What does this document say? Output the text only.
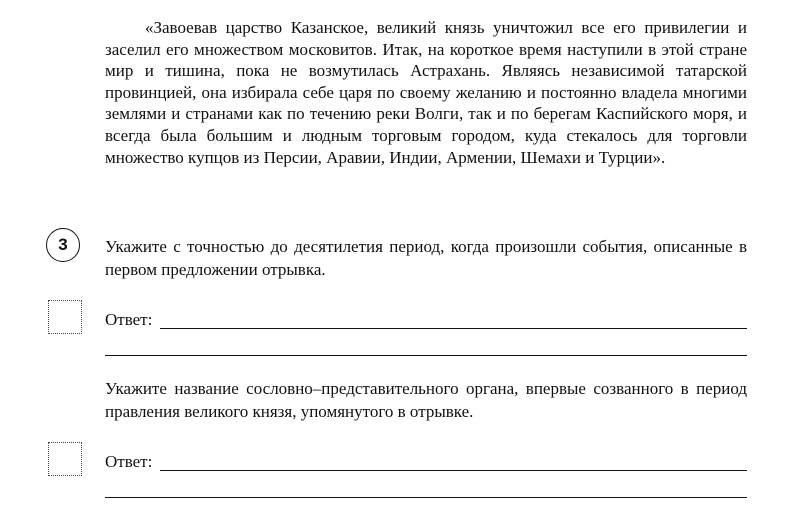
«Завоевав царство Казанское, великий князь уничтожил все его привилегии и заселил его множеством московитов. Итак, на короткое время наступили в этой стране мир и тишина, пока не возмутилась Астрахань. Являясь независимой татарской провинцией, она избирала себе царя по своему желанию и постоянно владела многими землями и странами как по течению реки Волги, так и по берегам Каспийского моря, и всегда была большим и людным торговым городом, куда стекалось для торговли множество купцов из Персии, Аравии, Индии, Армении, Шемахи и Турции».

3 Укажите с точностью до десятилетия период, когда произошли события, описанные в первом предложении отрывка.

Ответ:

Укажите название сословно–представительного органа, впервые созванного в период правления великого князя, упомянутого в отрывке.

Ответ:
